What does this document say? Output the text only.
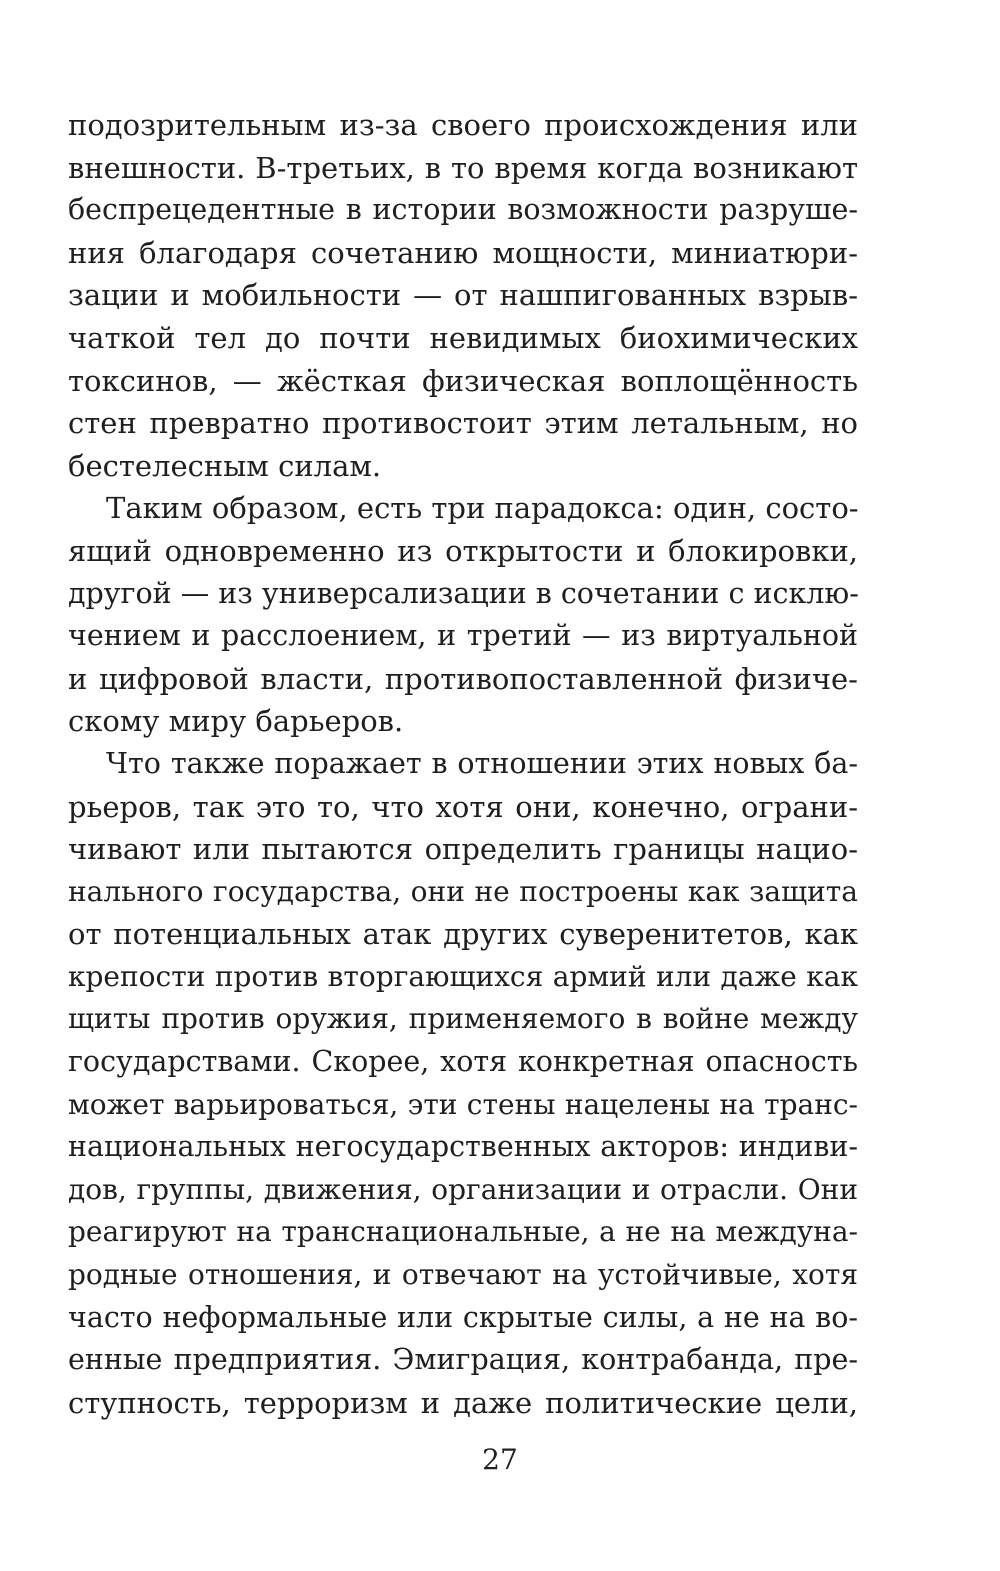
подозрительным из-за своего происхождения или
внешности. В-третьих, в то время когда возникают
беспрецедентные в истории возможности разруше-
ния благодаря сочетанию мощности, миниатюри-
зации и мобильности — от нашпигованных взрыв-
чаткой тел до почти невидимых биохимических
токсинов, — жёсткая физическая воплощённость
стен превратно противостоит этим летальным, но
бестелесным силам.
Таким образом, есть три парадокса: один, состо-
ящий одновременно из открытости и блокировки,
другой — из универсализации в сочетании с исклю-
чением и расслоением, и третий — из виртуальной
и цифровой власти, противопоставленной физиче-
скому миру барьеров.
Что также поражает в отношении этих новых ба-
рьеров, так это то, что хотя они, конечно, ограни-
чивают или пытаются определить границы нацио-
нального государства, они не построены как защита
от потенциальных атак других суверенитетов, как
крепости против вторгающихся армий или даже как
щиты против оружия, применяемого в войне между
государствами. Скорее, хотя конкретная опасность
может варьироваться, эти стены нацелены на транс-
национальных негосударственных акторов: индиви-
дов, группы, движения, организации и отрасли. Они
реагируют на транснациональные, а не на междуна-
родные отношения, и отвечают на устойчивые, хотя
часто неформальные или скрытые силы, а не на во-
енные предприятия. Эмиграция, контрабанда, пре-
ступность, терроризм и даже политические цели,
27
